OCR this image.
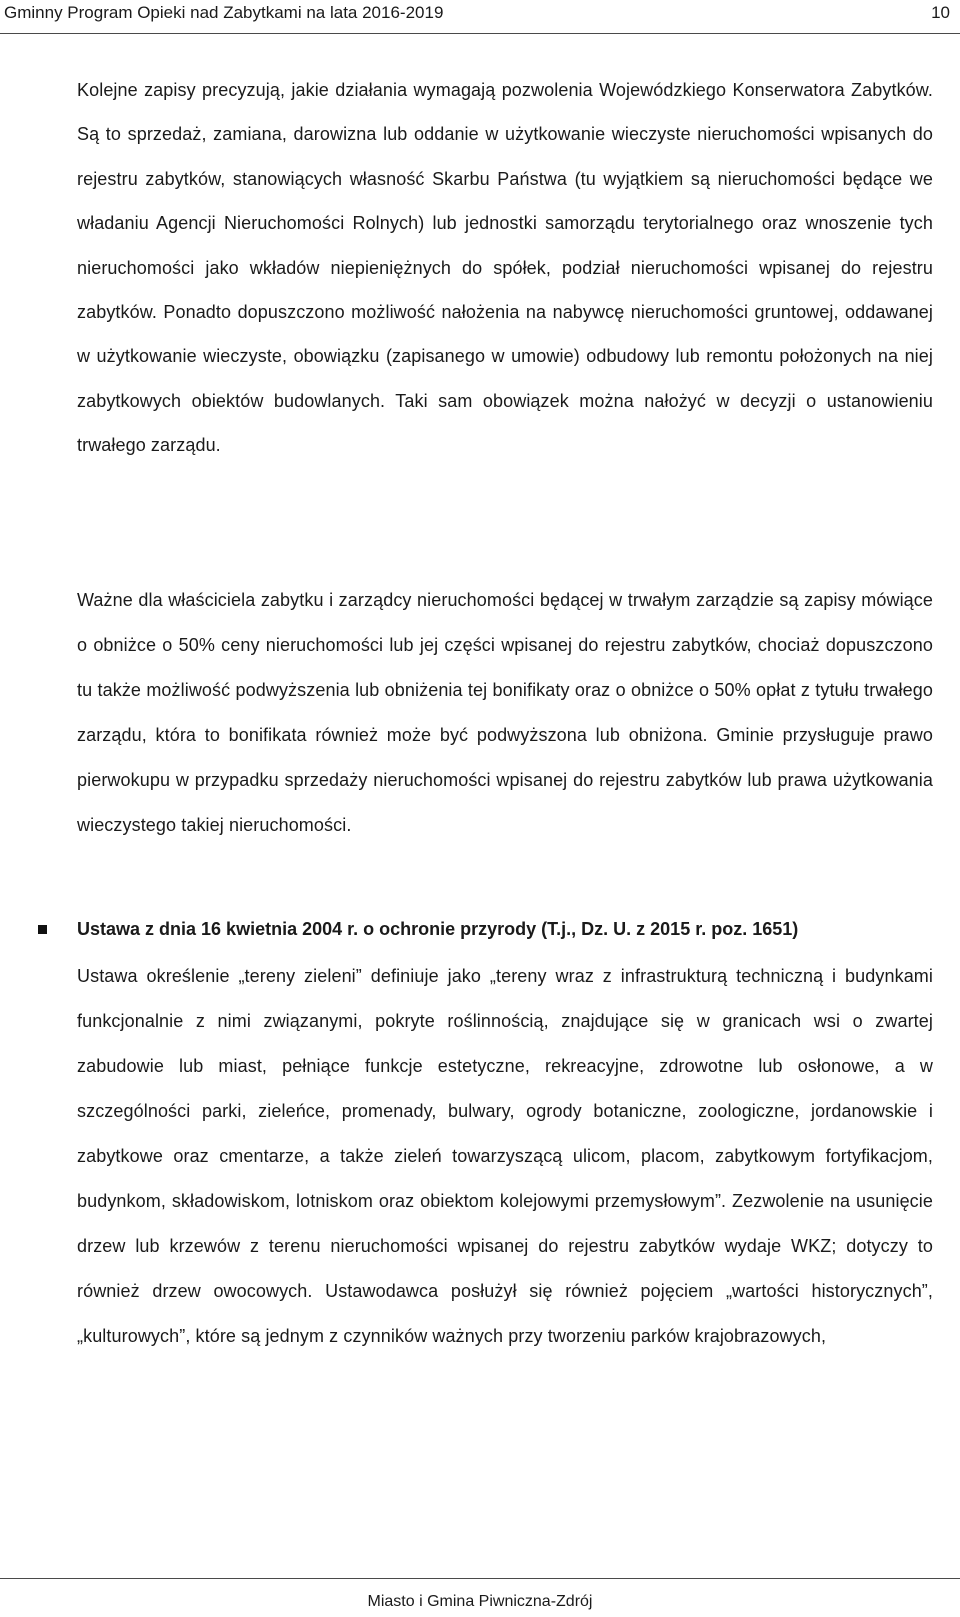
Gminny Program Opieki nad Zabytkami na lata 2016-2019	10

Kolejne zapisy precyzują, jakie działania wymagają pozwolenia Wojewódzkiego Konserwatora Zabytków. Są to sprzedaż, zamiana, darowizna lub oddanie w użytkowanie wieczyste nieruchomości wpisanych do rejestru zabytków, stanowiących własność Skarbu Państwa (tu wyjątkiem są nieruchomości będące we władaniu Agencji Nieruchomości Rolnych) lub jednostki samorządu terytorialnego oraz wnoszenie tych nieruchomości jako wkładów niepieniężnych do spółek, podział nieruchomości wpisanej do rejestru zabytków. Ponadto dopuszczono możliwość nałożenia na nabywcę nieruchomości gruntowej, oddawanej w użytkowanie wieczyste, obowiązku (zapisanego w umowie) odbudowy lub remontu położonych na niej zabytkowych obiektów budowlanych. Taki sam obowiązek można nałożyć w decyzji o ustanowieniu trwałego zarządu.

Ważne dla właściciela zabytku i zarządcy nieruchomości będącej w trwałym zarządzie są zapisy mówiące o obniżce o 50% ceny nieruchomości lub jej części wpisanej do rejestru zabytków, chociaż dopuszczono tu także możliwość podwyższenia lub obniżenia tej bonifikaty oraz o obniżce o 50% opłat z tytułu trwałego zarządu, która to bonifikata również może być podwyższona lub obniżona. Gminie przysługuje prawo pierwokupu w przypadku sprzedaży nieruchomości wpisanej do rejestru zabytków lub prawa użytkowania wieczystego takiej nieruchomości.

Ustawa z dnia 16 kwietnia 2004 r. o ochronie przyrody (T.j., Dz. U. z 2015 r. poz. 1651)

Ustawa określenie „tereny zieleni” definiuje jako „tereny wraz z infrastrukturą techniczną i budynkami funkcjonalnie z nimi związanymi, pokryte roślinnością, znajdujące się w granicach wsi o zwartej zabudowie lub miast, pełniące funkcje estetyczne, rekreacyjne, zdrowotne lub osłonowe, a w szczególności parki, zieleńce, promenady, bulwary, ogrody botaniczne, zoologiczne, jordanowskie i zabytkowe oraz cmentarze, a także zieleń towarzyszącą ulicom, placom, zabytkowym fortyfikacjom, budynkom, składowiskom, lotniskom oraz obiektom kolejowymi przemysłowym”. Zezwolenie na usunięcie drzew lub krzewów z terenu nieruchomości wpisanej do rejestru zabytków wydaje WKZ; dotyczy to również drzew owocowych. Ustawodawca posłużył się również pojęciem „wartości historycznych”, „kulturowych”, które są jednym z czynników ważnych przy tworzeniu parków krajobrazowych,

Miasto i Gmina Piwniczna-Zdrój
